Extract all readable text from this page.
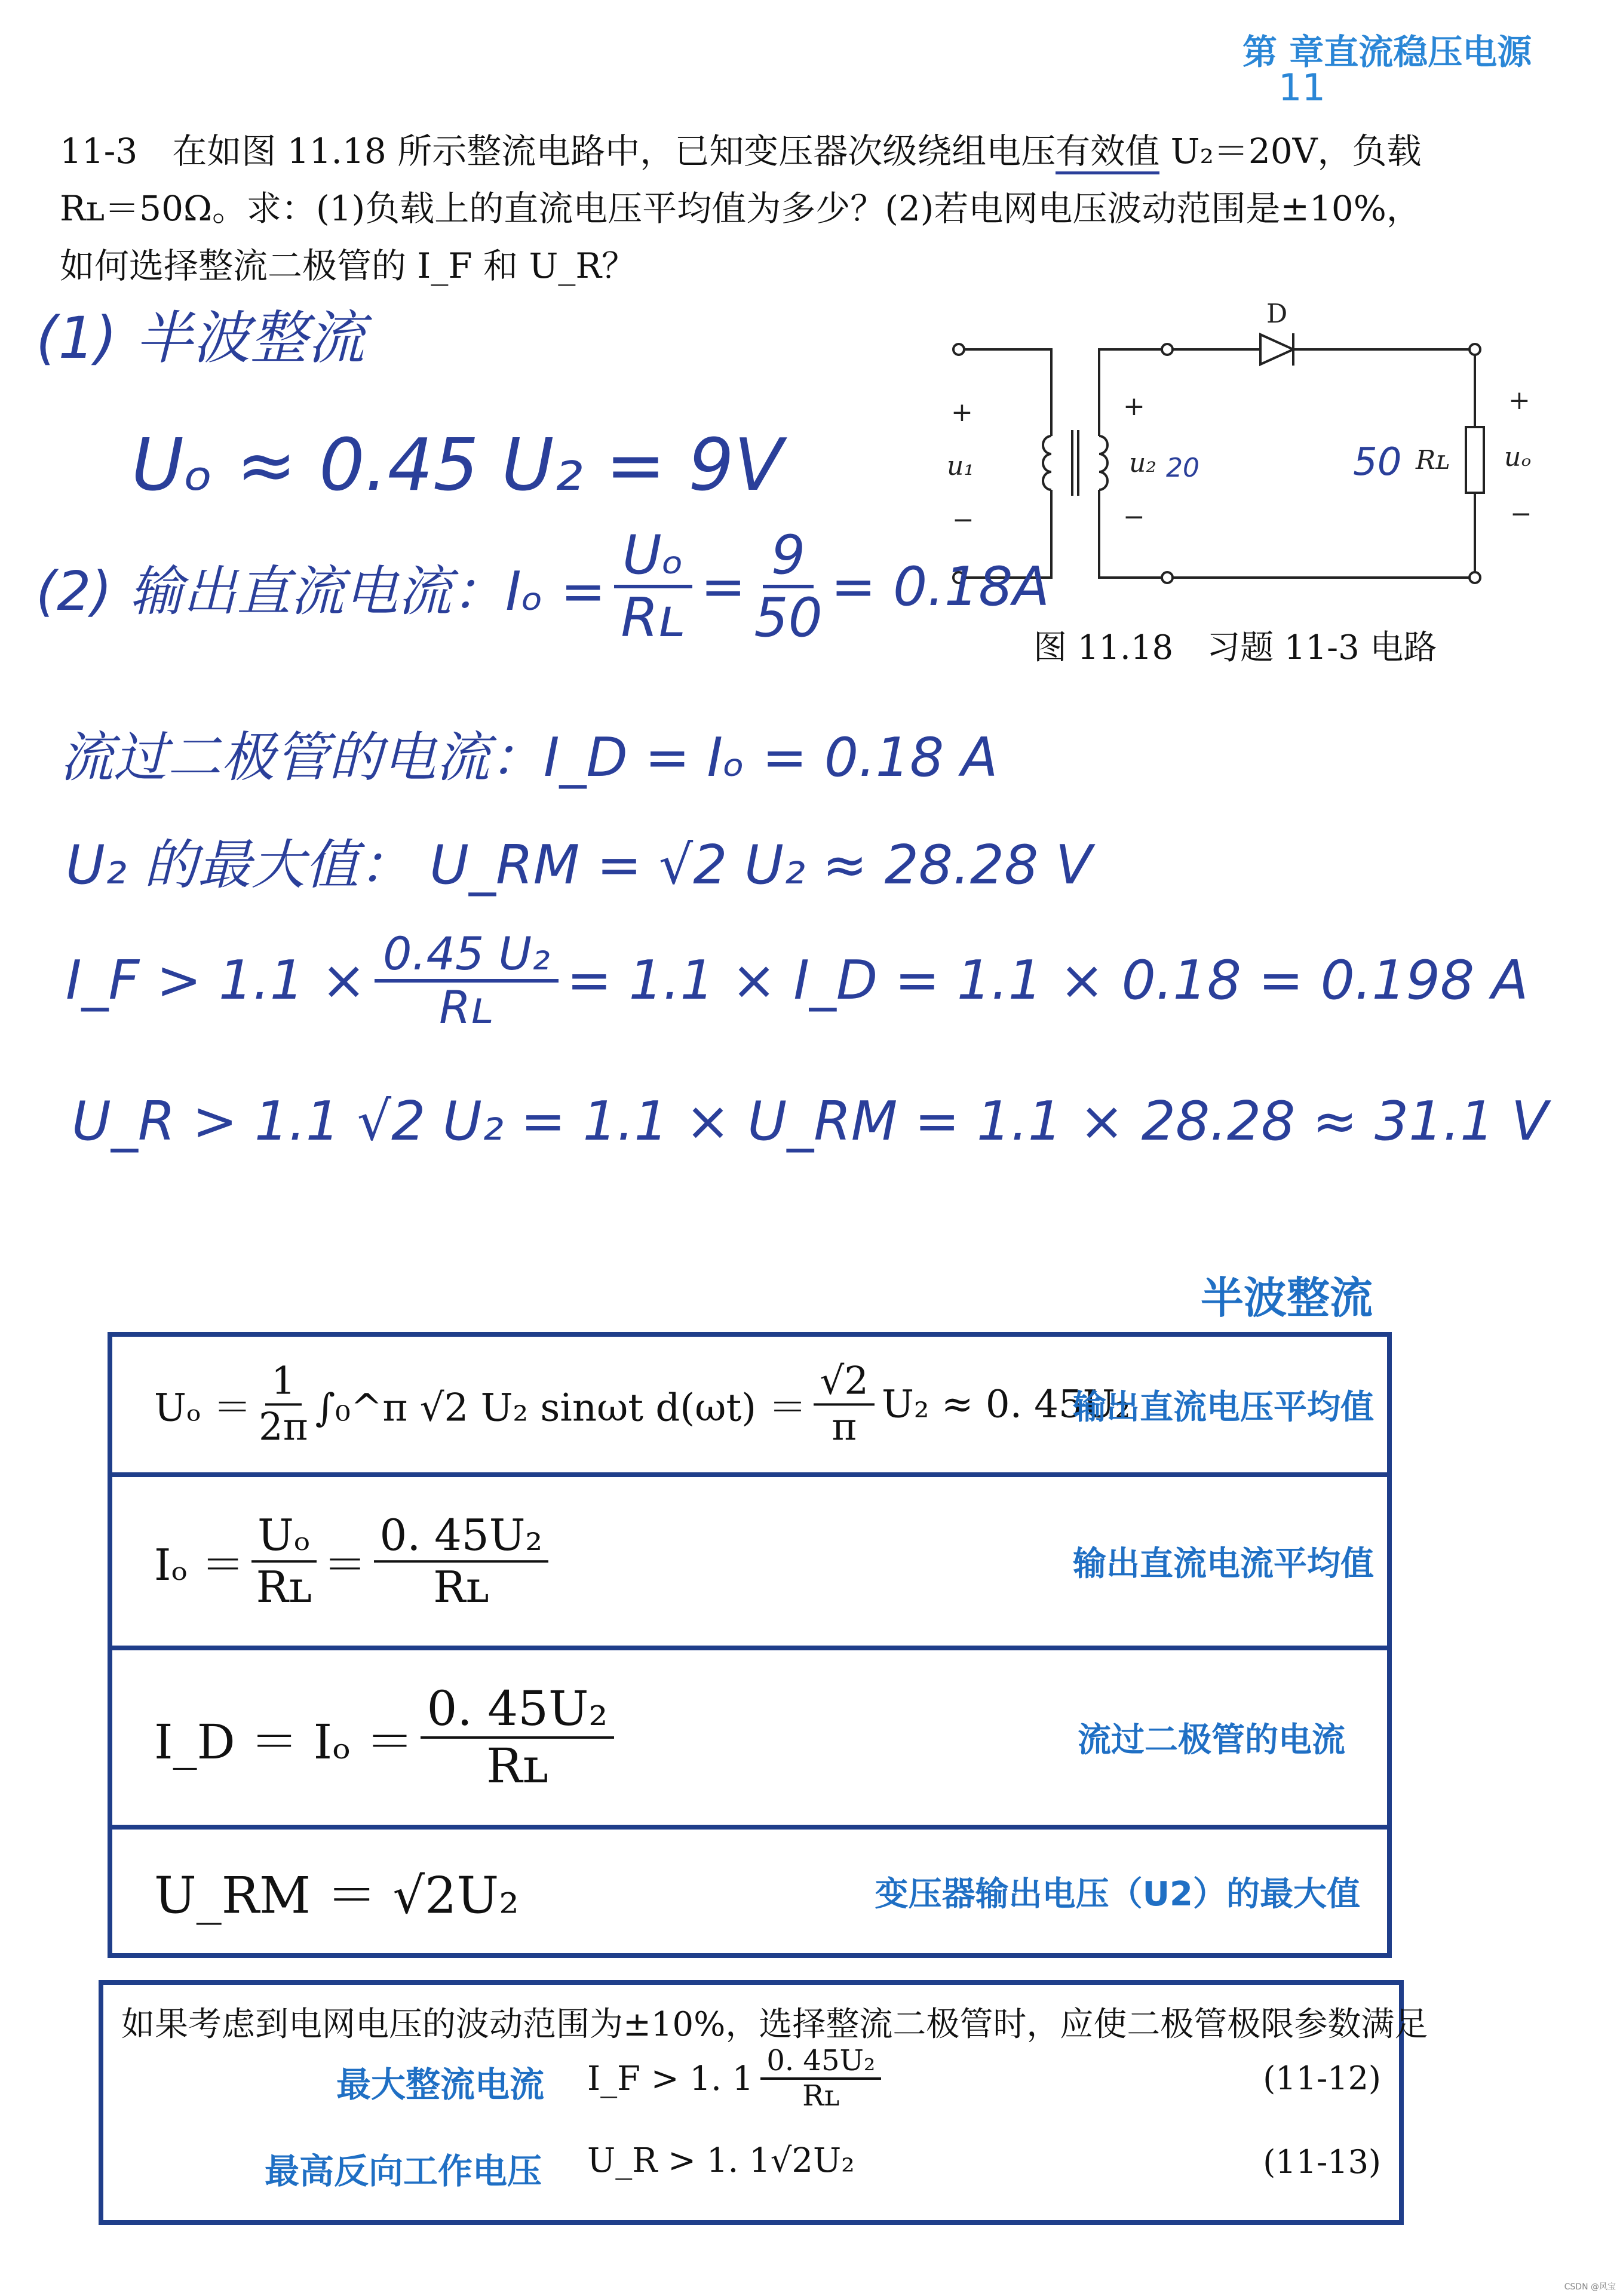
第 章直流稳压电源
11

11-3　在如图 11.18 所示整流电路中，已知变压器次级绕组电压有效值 U₂＝20V，负载

Rʟ＝50Ω。求：(1)负载上的直流电压平均值为多少？(2)若电网电压波动范围是±10%，

如何选择整流二极管的 I_F 和 U_R？

D
+
−
u₁
+
−
u₂ 20	50 Rʟ
+
−
uₒ
图 11.18　习题 11-3 电路
(1) 半波整流
Uₒ ≈ 0.45 U₂ = 9V
(2) 输出直流电流：$I_o = \frac{\text{Uₒ}}{\text{Rʟ}} = \frac{9}{50} = 0.18A$
流过二极管的电流：I_D = Iₒ = 0.18 A
U₂ 的最大值： U_RM = √2 U₂ ≈ 28.28 V
I_F > $1.1 \times \frac{\text{0.45 U₂}}{\text{Rʟ}} = 1.1$ × I_D = 1.1 × 0.18 = 0.198 A
U_R > 1.1 √2 U₂ = 1.1 × U_RM = 1.1 × 28.28 ≈ 31.1 V
半波整流
$U_o = \frac{1}{2\pi}$ ∫₀^π √2 U₂ sinωt $d(\omega t) = \frac{√2}{\pi} U_2 \approx 0$. 45U₂
输出直流电压平均值
$I_o = \frac{\text{Uₒ}}{\text{Rʟ}} = \frac{\text{0. 45U₂}}{\text{Rʟ}}$	输出直流电流平均值
I_D ＝ $I_o = \frac{\text{0. 45U₂}}{\text{Rʟ}}$	流过二极管的电流
U_RM ＝ √2U₂	变压器输出电压（U2）的最大值
如果考虑到电网电压的波动范围为±10%，选择整流二极管时，应使二极管极限参数满足
最大整流电流 I_F > 1. $1 \frac{\text{0. 45U₂}}{\text{Rʟ}}$	(11-12)
最高反向工作电压 U_R > 1. 1√2U₂	(11-13)
CSDN @风宝
